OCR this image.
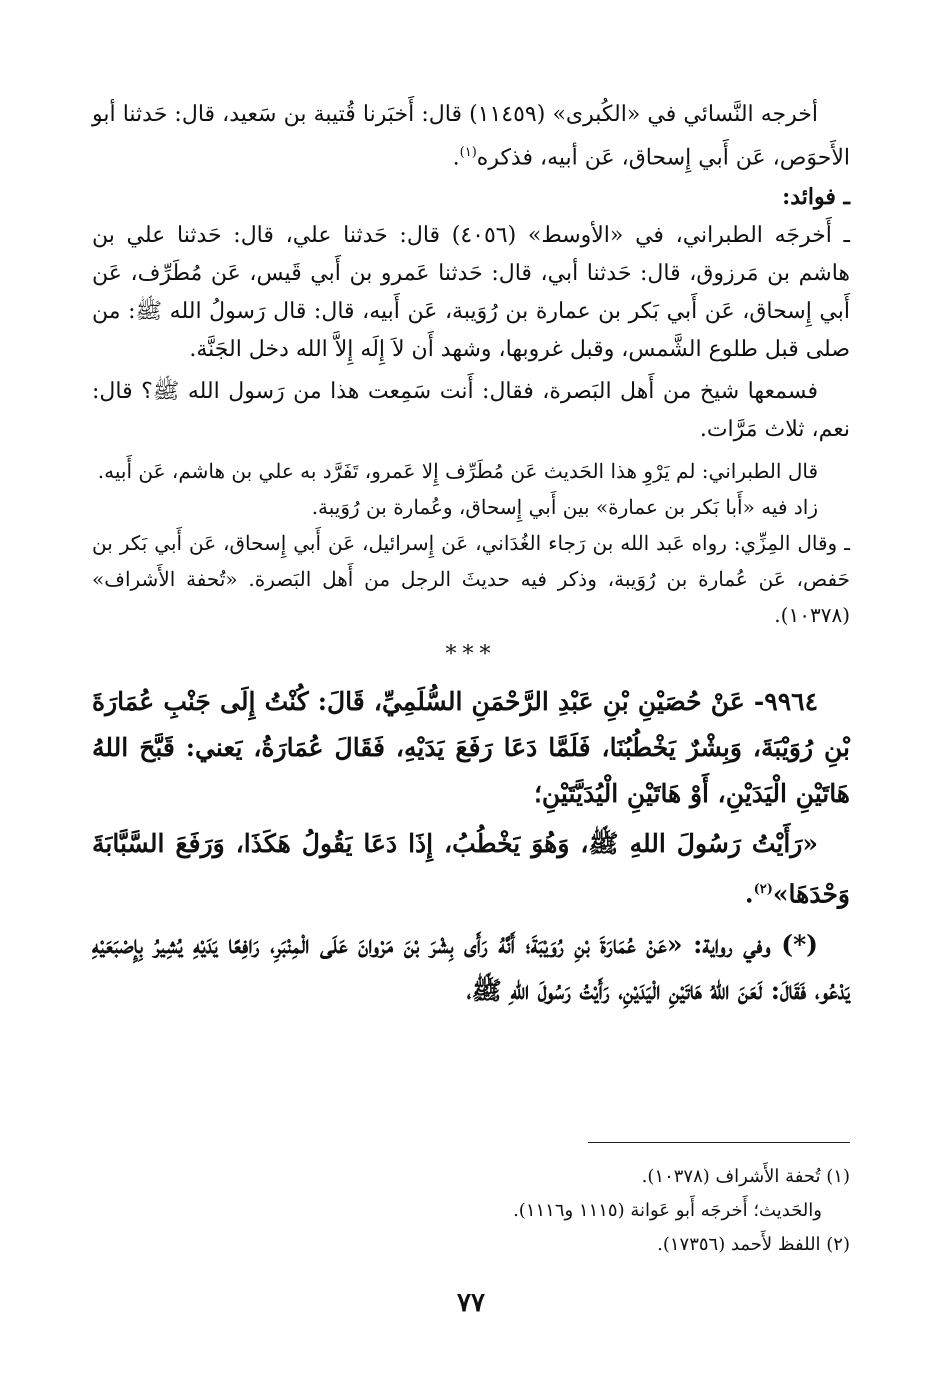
أخرجه النَّسائي في «الكُبرى» (١١٤٥٩) قال: أَخبَرنا قُتيبة بن سَعيد، قال: حَدثنا أبو الأَحوَص، عَن أَبي إِسحاق، عَن أبيه، فذكره$^{(١)}$.

ـ فوائد:

ـ أَخرجَه الطبراني، في «الأوسط» (٤٠٥٦) قال: حَدثنا علي، قال: حَدثنا علي بن هاشم بن مَرزوق، قال: حَدثنا أبي، قال: حَدثنا عَمرو بن أَبي قَيس، عَن مُطَرِّف، عَن أَبي إِسحاق، عَن أَبي بَكر بن عمارة بن رُوَيبة، عَن أَبيه، قال: قال رَسولُ الله ﷺ: من صلى قبل طلوع الشَّمس، وقبل غروبها، وشهد أَن لاَ إِلَه إِلاَّ الله دخل الجَنَّة.

فسمعها شيخ من أَهل البَصرة، فقال: أَنت سَمِعت هذا من رَسول الله ﷺ؟ قال: نعم، ثلاث مَرَّات.

قال الطبراني: لم يَرْوِ هذا الحَديث عَن مُطَرِّف إِلا عَمرو، تَفَرَّد به علي بن هاشم، عَن أَبيه.

زاد فيه «أَبا بَكر بن عمارة» بين أَبي إِسحاق، وعُمارة بن رُوَيبة.

ـ وقال المِزِّي: رواه عَبد الله بن رَجاء الغُدَاني، عَن إِسرائيل، عَن أَبي إِسحاق، عَن أَبي بَكر بن حَفص، عَن عُمارة بن رُوَيبة، وذكر فيه حديثَ الرجل من أَهل البَصرة. «تُحفة الأَشراف» (١٠٣٧٨).

***

٩٩٦٤- عَنْ حُصَيْنِ بْنِ عَبْدِ الرَّحْمَنِ السُّلَمِيِّ، قَالَ: كُنْتُ إِلَى جَنْبِ عُمَارَةَ بْنِ رُوَيْبَةَ، وَبِشْرٌ يَخْطُبُنَا، فَلَمَّا دَعَا رَفَعَ يَدَيْهِ، فَقَالَ عُمَارَةُ، يَعني: قَبَّحَ اللهُ هَاتَيْنِ الْيَدَيْنِ، أَوْ هَاتَيْنِ الْيُدَيَّتَيْنِ؛

«رَأَيْتُ رَسُولَ اللهِ ﷺ، وَهُوَ يَخْطُبُ، إِذَا دَعَا يَقُولُ هَكَذَا، وَرَفَعَ السَّبَّابَةَ وَحْدَهَا»$^{(٢)}$.

(*) وفي رواية: «عَنْ عُمَارَةَ بْنِ رُوَيْبَةَ؛ أَنَّهُ رَأَى بِشْرَ بْنَ مَرْوانَ عَلَى الْمِنْبَرِ، رَافِعًا يَدَيْهِ يُشِيرُ بِإِصْبَعَيْهِ يَدْعُو، فَقَالَ: لَعَنَ اللهُ هَاتَيْنِ الْيَدَيْنِ، رَأَيْتُ رَسُولَ اللهِ ﷺ،

(١) تُحفة الأَشراف (١٠٣٧٨).

والحَديث؛ أَخرجَه أَبو عَوانة (١١١٥ و١١١٦).

(٢) اللفظ لأَحمد (١٧٣٥٦).

٧٧
